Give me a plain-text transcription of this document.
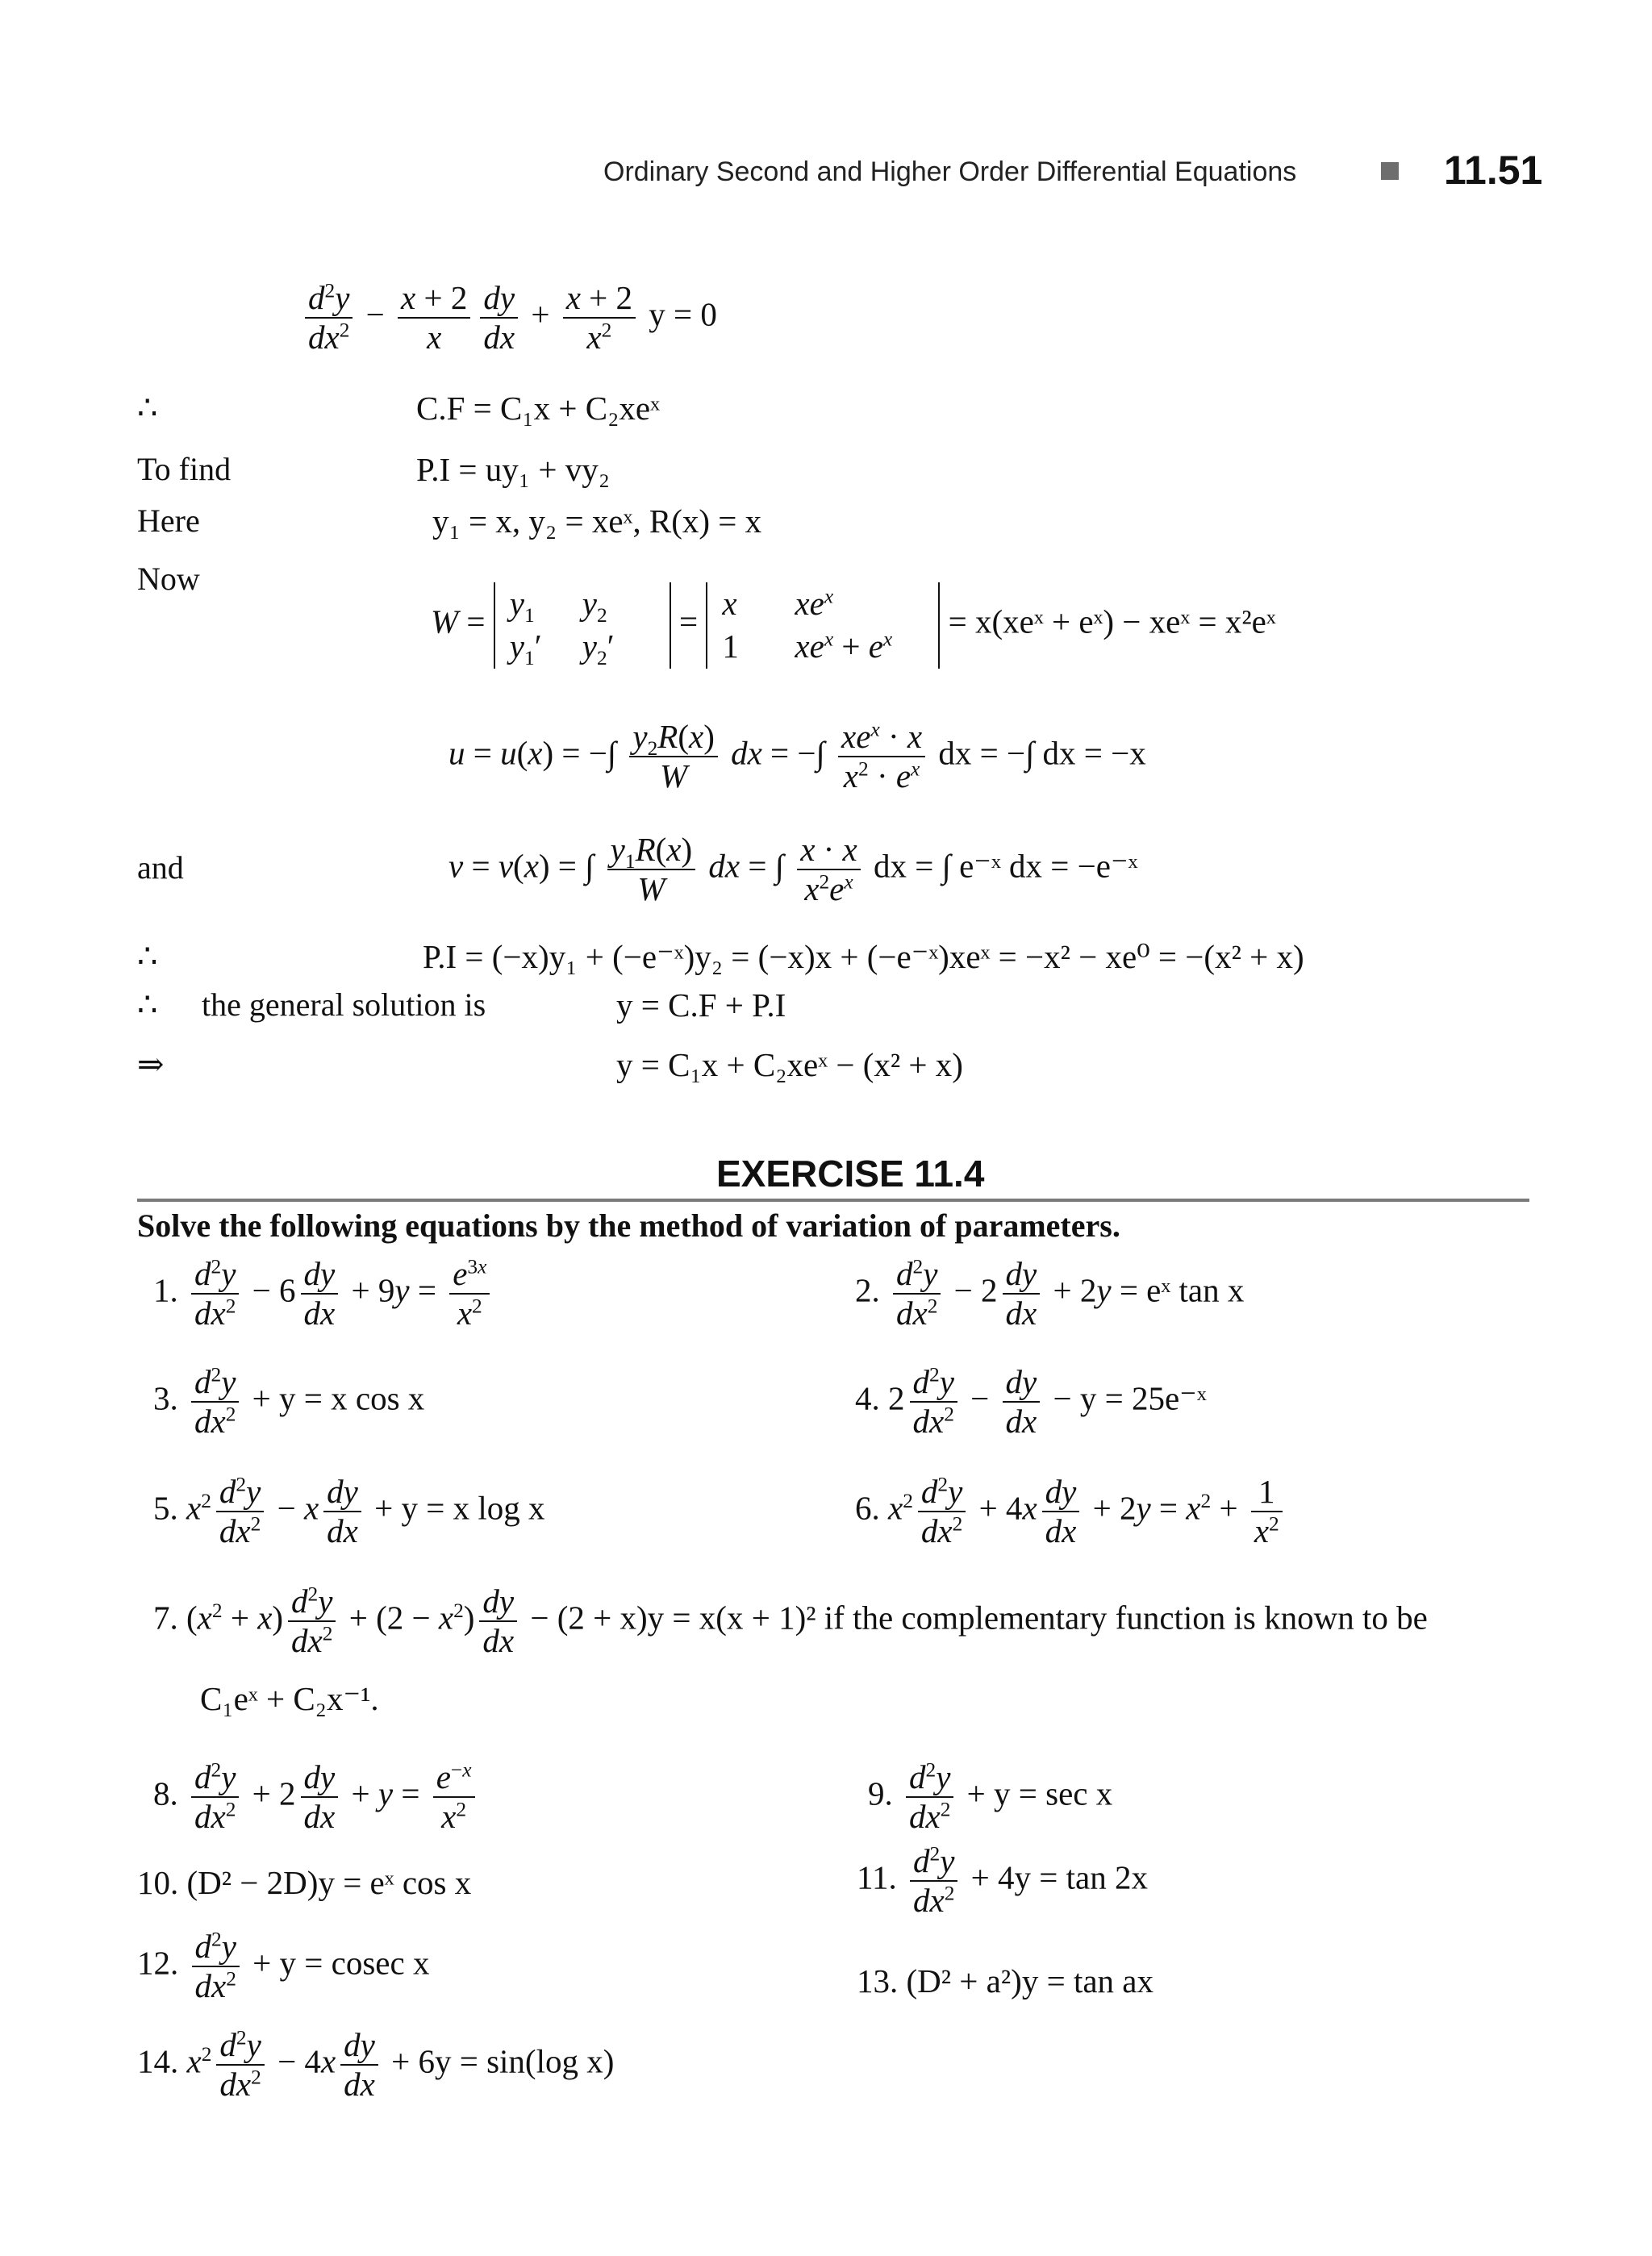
Ordinary Second and Higher Order Differential Equations	11.51
$\frac{d^2y}{dx^2} - \frac{x + 2}{x} \frac{dy}{dx} + \frac{x + 2}{x^2}$ y = 0
∴	C.F = C₁x + C₂xeˣ
To find	P.I = uy₁ + vy₂
Here	y₁ = x, y₂ = xeˣ, R(x) = x
Now
$W = y_1$ $y_2$
$y_1'$ $y_2'$
= x $xe^x$
1 $xe^x + e^x$	= x(xeˣ + eˣ) − xeˣ = x²eˣ
u = u(x) = −∫ $\frac{y_2R(x)}{W}$ dx = −∫ $\frac{xe^x \cdot x}{x^2 \cdot e^x}$ dx = −∫ dx = −x
and	v = v(x) = ∫ $\frac{y_1R(x)}{W}$ dx = ∫ $\frac{x \cdot x}{x^2e^x}$ dx = ∫ e⁻ˣ dx = −e⁻ˣ
∴	P.I = (−x)y₁ + (−e⁻ˣ)y₂ = (−x)x + (−e⁻ˣ)xeˣ = −x² − xe⁰ = −(x² + x)
∴ the general solution is	y = C.F + P.I
⇒	y = C₁x + C₂xeˣ − (x² + x)
EXERCISE 11.4
Solve the following equations by the method of variation of parameters.
1. $\frac{d^2y}{dx^2} - 6 \frac{dy}{dx} + 9y = \frac{e^{3x}}{x^2}$	2. $\frac{d^2y}{dx^2} - 2 \frac{dy}{dx} + 2y$ = eˣ tan x
3. $\frac{d^2y}{dx^2} + y = x$ cos x	4. $2 \frac{d^2y}{dx^2} - \frac{dy}{dx} - y$ = 25e⁻ˣ
5. $x^2 \frac{d^2y}{dx^2} - x \frac{dy}{dx} + y = x$ log x	6. $x^2 \frac{d^2y}{dx^2} + 4x \frac{dy}{dx} + 2y = x^2 + \frac{1}{x^2}$
7. $(x^2 + x) \frac{d^2y}{dx^2} + (2 - x^2) \frac{dy}{dx} - (2 + x)y = x(x + 1)^2$ if the complementary function is known to be
C₁eˣ + C₂x⁻¹.
8. $\frac{d^2y}{dx^2} + 2 \frac{dy}{dx} + y = \frac{e^{-x}}{x^2}$	9. $\frac{d^2y}{dx^2} + y = \sec x$
10. (D² − 2D)y = eˣ cos x	11. $\frac{d^2y}{dx^2} + 4y = \tan 2x$
12. $\frac{d^2y}{dx^2} + y = cosec$ x	13. (D² + a²)y = tan ax
14. $x^2 \frac{d^2y}{dx^2} - 4x \frac{dy}{dx} + 6y = \sin(\log$ x)
